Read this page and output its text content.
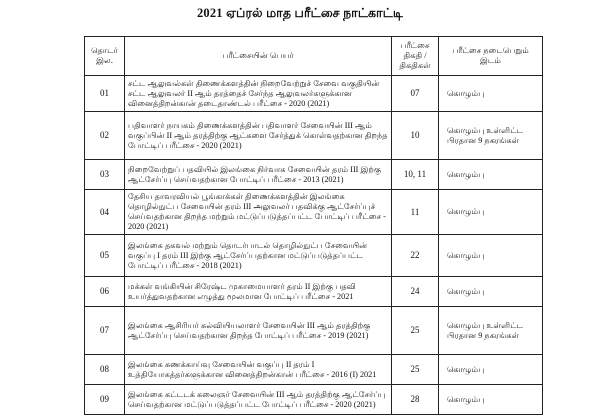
2021 ஏப்ரல் மாத பரீட்சை நாட்காட்டி
தொடர் இல.	பரீட்சையின் பெயர்	பரீட்சை திகதி / திகதிகள்	பரீட்சை நடைபெறும் இடம்
01	சட்ட ஆலுவல்கள் திணைக்களத்தின் நிறைவேற்றுச் சேவை வகுதியின் சட்ட ஆலுவலர் II ஆம் தரத்தைச் சேர்ந்த ஆலுவலர்களுக்கான வினைத்திறன்கான் தடைதாண்டல் பரீட்சை - 2020 (2021)	07	கொழும்பு
02	பதிவாளர் நாயகம் திணைக்களத்தின் பதிவாளர் சேவையின் III ஆம் வகுப்பின் II ஆம் தரத்திற்கு ஆட்களை சேர்த்துக் கொள்வதற்கான திறந்த போட்டிப் பரீட்சை - 2020 (2021)	10	கொழும்பு உள்ளிட்ட பிரதான 9 நகரங்கள்
03	நிறைவேற்றுப் பதவியில் இலங்கை நிர்வாக சேவையின் தரம் III இற்கு ஆட்சேர்ப்பு செய்வதற்கான போட்டிப் பரீட்சை - 2013 (2021)	10, 11	கொழும்பு
04	தேசிய தாவரவியல் பூங்காக்கள் திணைக்களத்தின் இலங்கை தொழில்நுட்ப சேவையின் தரம் III அலுவலர் பதவிக்கு ஆட்சேர்ப்புச் செய்வதற்கான திறந்த மற்றும் மட்டுப்படுத்தப்பட்ட போட்டிப் பரீட்சை - 2020 (2021)	11	கொழும்பு
05	இலங்கை தகவல் மற்றும் தொடர்பாடல் தொழில்நுட்ப சேவையின் வகுப்பு I தரம் III இற்கு ஆட்சேர்ப்பதற்கான மட்டுப்படுத்தப்பட்ட போட்டிப் பரீட்சை - 2018 (2021)	22	கொழும்பு
06	மக்கள் வங்கியின் சிரேஷ்ட முகாமையாளர் தரம் II இற்கு பதவி உயர்த்துவதற்கான எழுத்து மூலமான போட்டிப் பரீட்சை - 2021	24	கொழும்பு
07	இலங்கை ஆசிரியர் கல்வியியலாளர் சேவையின் III ஆம் தரத்திற்கு ஆட்சேர்ப்பு செய்வதற்கான திறந்த போட்டிப் பரீட்சை - 2019 (2021)	25	கொழும்பு உள்ளிட்ட பிரதான 9 நகரங்கள்
08	இலங்கை கணக்காய்வு சேவையின் வகுப்பு II தரம் I உத்தியோகத்தர்களுக்கான வினைத்திறன்கான் பரீட்சை - 2016 (I) 2021	25	கொழும்பு
09	இலங்கை கட்டடக் கலைஞர் சேவையின் III ஆம் தரத்திற்கு ஆட்சேர்ப்பு செய்வதற்கான மட்டுப்படுத்தப்பட்ட போட்டிப் பரீட்சை - 2020 (2021)	28	கொழும்பு
